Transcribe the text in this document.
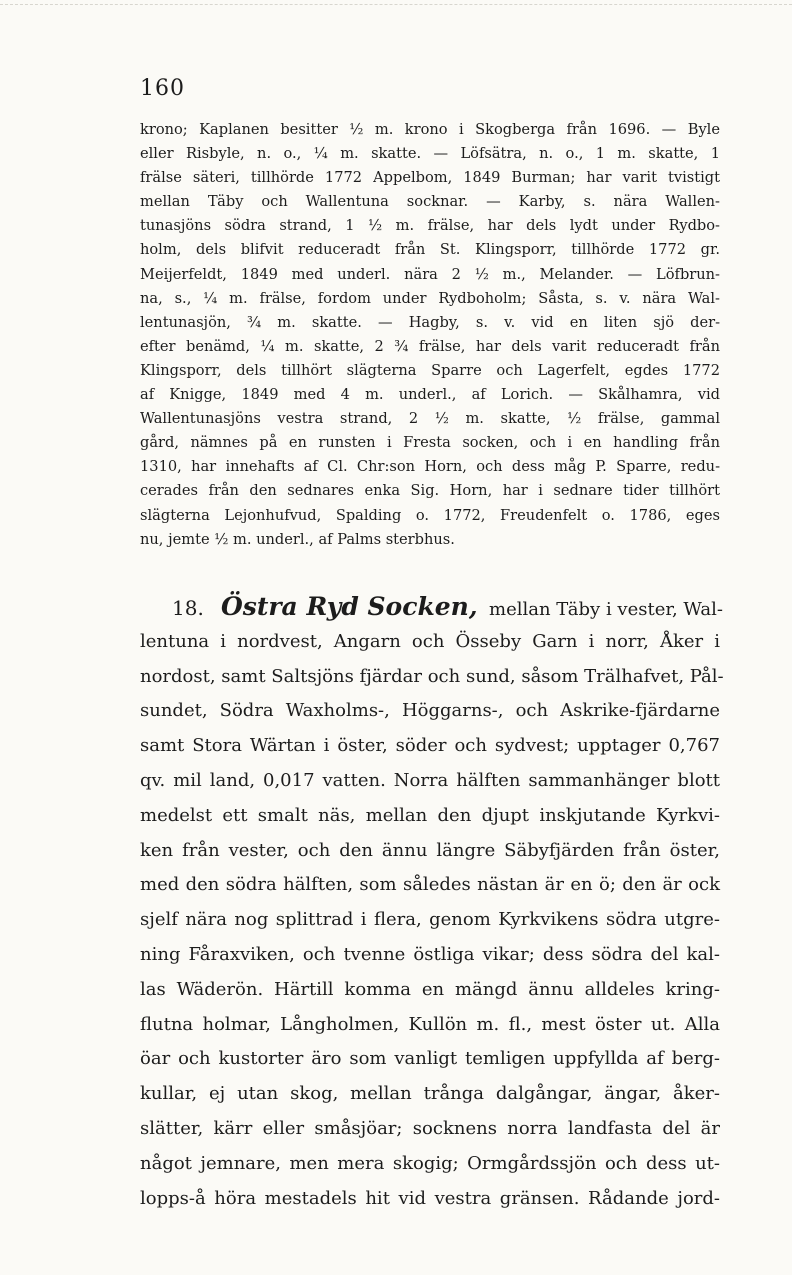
160
krono; Kaplanen besitter ½ m. krono i Skogberga från 1696. — Byle
eller Risbyle, n. o., ¼ m. skatte. — Löfsätra, n. o., 1 m. skatte, 1
frälse säteri, tillhörde 1772 Appelbom, 1849 Burman; har varit tvistigt
mellan Täby och Wallentuna socknar. — Karby, s. nära Wallen-
tunasjöns södra strand, 1 ½ m. frälse, har dels lydt under Rydbo-
holm, dels blifvit reduceradt från St. Klingsporr, tillhörde 1772 gr.
Meijerfeldt, 1849 med underl. nära 2 ½ m., Melander. — Löfbrun-
na, s., ¼ m. frälse, fordom under Rydboholm; Såsta, s. v. nära Wal-
lentunasjön, ¾ m. skatte. — Hagby, s. v. vid en liten sjö der-
efter benämd, ¼ m. skatte, 2 ¾ frälse, har dels varit reduceradt från
Klingsporr, dels tillhört slägterna Sparre och Lagerfelt, egdes 1772
af Knigge, 1849 med 4 m. underl., af Lorich. — Skålhamra, vid
Wallentunasjöns vestra strand, 2 ½ m. skatte, ½ frälse, gammal
gård, nämnes på en runsten i Fresta socken, och i en handling från
1310, har innehafts af Cl. Chr:son Horn, och dess måg P. Sparre, redu-
cerades från den sednares enka Sig. Horn, har i sednare tider tillhört
slägterna Lejonhufvud, Spalding o. 1772, Freudenfelt o. 1786, eges
nu, jemte ½ m. underl., af Palms sterbhus.
18. Östra Ryd Socken, mellan Täby i vester, Wal-
lentuna i nordvest, Angarn och Össeby Garn i norr, Åker i
nordost, samt Saltsjöns fjärdar och sund, såsom Trälhafvet, Pål-
sundet, Södra Waxholms-, Höggarns-, och Askrike-fjärdarne
samt Stora Wärtan i öster, söder och sydvest; upptager 0,767
qv. mil land, 0,017 vatten. Norra hälften sammanhänger blott
medelst ett smalt näs, mellan den djupt inskjutande Kyrkvi-
ken från vester, och den ännu längre Säbyfjärden från öster,
med den södra hälften, som således nästan är en ö; den är ock
sjelf nära nog splittrad i flera, genom Kyrkvikens södra utgre-
ning Fåraxviken, och tvenne östliga vikar; dess södra del kal-
las Wäderön. Härtill komma en mängd ännu alldeles kring-
flutna holmar, Långholmen, Kullön m. fl., mest öster ut. Alla
öar och kustorter äro som vanligt temligen uppfyllda af berg-
kullar, ej utan skog, mellan trånga dalgångar, ängar, åker-
slätter, kärr eller småsjöar; socknens norra landfasta del är
något jemnare, men mera skogig; Ormgårdssjön och dess ut-
lopps-å höra mestadels hit vid vestra gränsen. Rådande jord-
